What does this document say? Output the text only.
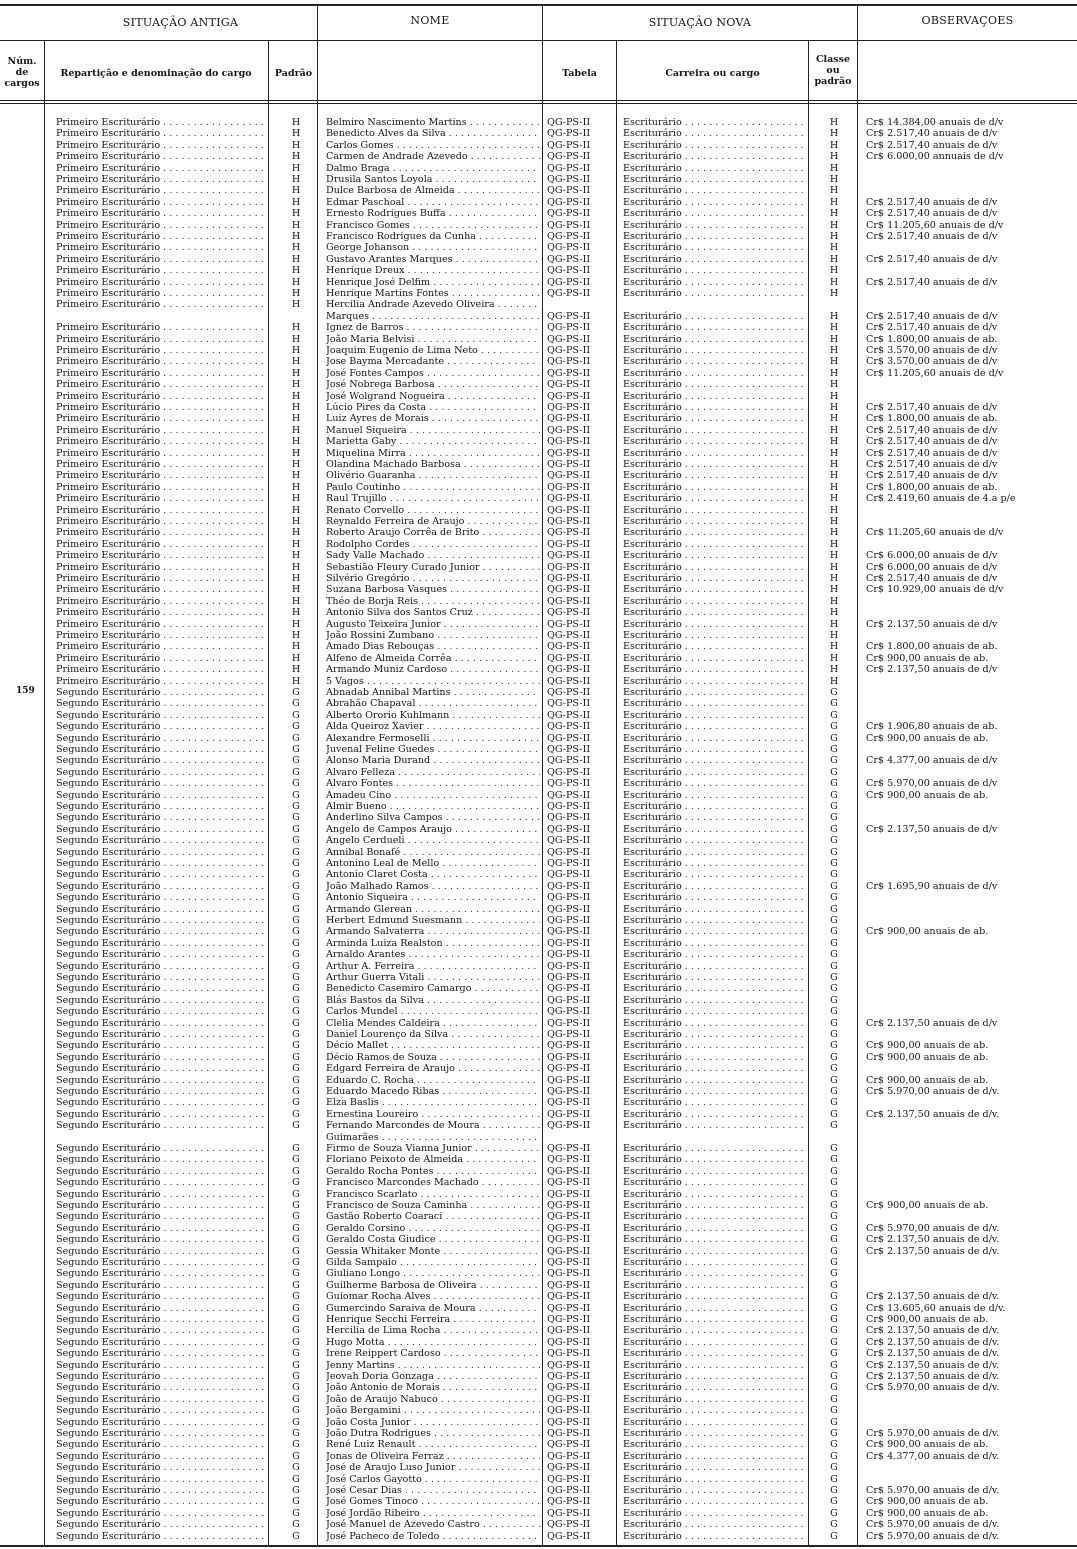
SITUAÇÃO ANTIGA	NOME	SITUAÇÃO NOVA	OBSERVAÇOES
Núm. de cargos
Repartição e denominação do cargo	Padrão	Tabela	Carreira ou cargo
Classe ou padrão
159
Primeiro Escriturário . . .	H	Belmiro Nascimento Martins . . .	QG-PS-II	Escriturário . . .	H	Cr$ 14.384,00 anuais de d/v
Primeiro Escriturário . . .	H	Benedicto Alves da Silva . . .	QG-PS-II	Escriturário . . .	H	Cr$ 2.517,40 anuais de d/v
Primeiro Escriturário . . .	H	Carlos Gomes . . .	QG-PS-II	Escriturário . . .	H	Cr$ 2.517,40 anuais de d/v
Primeiro Escriturário . . .	H	Carmen de Andrade Azevedo . . .	QG-PS-II	Escriturário . . .	H	Cr$ 6.000,00 annuais de d/v
Primeiro Escriturário . . .	H	Dalmo Braga . . .	QG-PS-II	Escriturário . . .	H
Primeiro Escriturário . . .	H	Drusila Santos Loyola . . .	QG-PS-II	Escriturário . . .	H
Primeiro Escriturário . . .	H	Dulce Barbosa de Almeida . . .	QG-PS-II	Escriturário . . .	H
Primeiro Escriturário . . .	H	Edmar Paschoal . . .	QG-PS-II	Escriturário . . .	H	Cr$ 2.517,40 anuais de d/v
Primeiro Escriturário . . .	H	Ernesto Rodrigues Buffa . . .	QG-PS-II	Escriturário . . .	H	Cr$ 2.517,40 anuais de d/v
Primeiro Escriturário . . .	H	Francisco Gomes . . .	QG-PS-II	Escriturário . . .	H	Cr$ 11.205,60 anuais de d/v
Primeiro Escriturário . . .	H	Francisco Rodrigues da Cunha . . .	QG-PS-II	Escriturário . . .	H	Cr$ 2.517,40 anuais de d/v
Primeiro Escriturário . . .	H	George Johanson . . .	QG-PS-II	Escriturário . . .	H
Primeiro Escriturário . . .	H	Gustavo Arantes Marques . . .	QG-PS-II	Escriturário . . .	H	Cr$ 2.517,40 anuais de d/v
Primeiro Escriturário . . .	H	Henrique Dreux . . .	QG-PS-II	Escriturário . . .	H
Primeiro Escriturário . . .	H	Henrique José Delfim . . .	QG-PS-II	Escriturário . . .	H	Cr$ 2.517,40 anuais de d/v
Primeiro Escriturário . . .	H	Henrique Martins Fontes . . .	QG-PS-II	Escriturário . . .	H
Primeiro Escriturário . . .	H	Hercilia Andrade Azevedo Oliveira . . .
Marques . . .	QG-PS-II	Escriturário . . .	H	Cr$ 2.517,40 anuais de d/v
Primeiro Escriturário . . .	H	Ignez de Barros . . .	QG-PS-II	Escriturário . . .	H	Cr$ 2.517,40 anuais de d/v
Primeiro Escriturário . . .	H	João Maria Belvisi . . .	QG-PS-II	Escriturário . . .	H	Cr$ 1.800,00 anuais de ab.
Primeiro Escriturário . . .	H	Joaquim Eugenio de Lima Neto . . .	QG-PS-II	Escriturário . . .	H	Cr$ 3.570,00 anuais de d/v
Primeiro Escriturário . . .	H	Jose Bayma Mercadante . . .	QG-PS-II	Escriturário . . .	H	Cr$ 3.570,00 anuais de d/v
Primeiro Escriturário . . .	H	José Fontes Campos . . .	QG-PS-II	Escriturário . . .	H	Cr$ 11.205,60 anuais de d/v
Primeiro Escriturário . . .	H	José Nobrega Barbosa . . .	QG-PS-II	Escriturário . . .	H
Primeiro Escriturário . . .	H	José Wolgrand Nogueira . . .	QG-PS-II	Escriturário . . .	H
Primeiro Escriturário . . .	H	Lúcio Pires da Costa . . .	QG-PS-II	Escriturário . . .	H	Cr$ 2.517,40 anuais de d/v
Primeiro Escriturário . . .	H	Luiz Ayres de Morais . . .	QG-PS-II	Escriturário . . .	H	Cr$ 1.800,00 anuais de ab.
Primeiro Escriturário . . .	H	Manuel Siqueira . . .	QG-PS-II	Escriturário . . .	H	Cr$ 2.517,40 anuais de d/v
Primeiro Escriturário . . .	H	Marietta Gaby . . .	QG-PS-II	Escriturário . . .	H	Cr$ 2.517,40 anuais de d/v
Primeiro Escriturário . . .	H	Miquelina Mirra . . .	QG-PS-II	Escriturário . . .	H	Cr$ 2.517,40 anuais de d/v
Primeiro Escriturário . . .	H	Olandina Machado Barbosa . . .	QG-PS-II	Escriturário . . .	H	Cr$ 2.517,40 anuais de d/v
Primeiro Escriturário . . .	H	Olivério Guaranha . . .	QG-PS-II	Escriturário . . .	H	Cr$ 2.517,40 anuais de d/v
Primeiro Escriturário . . .	H	Paulo Coutinho . . .	QG-PS-II	Escriturário . . .	H	Cr$ 1.800,00 anuais de ab.
Primeiro Escriturário . . .	H	Raul Trujillo . . .	QG-PS-II	Escriturário . . .	H	Cr$ 2.419,60 anuais de 4.a p/e
Primeiro Escriturário . . .	H	Renato Corvello . . .	QG-PS-II	Escriturário . . .	H
Primeiro Escriturário . . .	H	Reynaldo Ferreira de Araujo . . .	QG-PS-II	Escriturário . . .	H
Primeiro Escriturário . . .	H	Roberto Araujo Corrêa de Brito . . .	QG-PS-II	Escriturário . . .	H	Cr$ 11.205,60 anuais de d/v
Primeiro Escriturário . . .	H	Rodolpho Cordes . . .	QG-PS-II	Escriturário . . .	H
Primeiro Escriturário . . .	H	Sady Valle Machado . . .	QG-PS-II	Escriturário . . .	H	Cr$ 6.000,00 anuais de d/v
Primeiro Escriturário . . .	H	Sebastião Fleury Curado Junior . . .	QG-PS-II	Escriturário . . .	H	Cr$ 6.000,00 anuais de d/v
Primeiro Escriturário . . .	H	Silvério Gregório . . .	QG-PS-II	Escriturário . . .	H	Cr$ 2.517,40 anuais de d/v
Primeiro Escriturário . . .	H	Suzana Barbosa Vasques . . .	QG-PS-II	Escriturário . . .	H	Cr$ 10.929,00 anuais de d/v
Primeiro Escriturário . . .	H	Théo de Borja Reis . . .	QG-PS-II	Escriturário . . .	H
Primeiro Escriturário . . .	H	Antonio Silva dos Santos Cruz . . .	QG-PS-II	Escriturário . . .	H
Primeiro Escriturário . . .	H	Augusto Teixeira Junior . . .	QG-PS-II	Escriturário . . .	H	Cr$ 2.137,50 anuais de d/v
Primeiro Escriturário . . .	H	João Rossini Zumbano . . .	QG-PS-II	Escriturário . . .	H
Primeiro Escriturário . . .	H	Amado Dias Rebouças . . .	QG-PS-II	Escriturário . . .	H	Cr$ 1.800,00 anuais de ab.
Primeiro Escriturário . . .	H	Alfeno de Almeida Corrêa . . .	QG-PS-II	Escriturário . . .	H	Cr$ 900,00 anuais de ab.
Primeiro Escriturário . . .	H	Armando Muniz Cardoso . . .	QG-PS-II	Escriturário . . .	H	Cr$ 2.137,50 anuais de d/v
Primeiro Escriturário . . .	H	5 Vagos . . .	QG-PS-II	Escriturário . . .	H
Segundo Escriturário . . .	G	Abnadab Annibal Martins . . .	QG-PS-II	Escriturário . . .	G
Segundo Escriturário . . .	G	Abrahão Chapaval . . .	QG-PS-II	Escriturário . . .	G
Segundo Escriturário . . .	G	Alberto Ororio Kuhlmann . . .	QG-PS-II	Escriturário . . .	G
Segundo Escriturário . . .	G	Alda Queiroz Xavier . . .	QG-PS-II	Escriturário . . .	G	Cr$ 1.906,80 anuais de ab.
Segundo Escriturário . . .	G	Alexandre Fermoselli . . .	QG-PS-II	Escriturário . . .	G	Cr$ 900,00 anuais de ab.
Segundo Escriturário . . .	G	Juvenal Feline Guedes . . .	QG-PS-II	Escriturário . . .	G
Segundo Escriturário . . .	G	Alonso Maria Durand . . .	QG-PS-II	Escriturário . . .	G	Cr$ 4.377,00 anuais de d/v
Segundo Escriturário . . .	G	Alvaro Felleza . . .	QG-PS-II	Escriturário . . .	G
Segundo Escriturário . . .	G	Alvaro Fontes . . .	QG-PS-II	Escriturário . . .	G	Cr$ 5.970,00 anuais de d/v
Segundo Escriturário . . .	G	Amadeu Cino . . .	QG-PS-II	Escriturário . . .	G	Cr$ 900,00 anuais de ab.
Segundo Escriturário . . .	G	Almir Bueno . . .	QG-PS-II	Escriturário . . .	G
Segundo Escriturário . . .	G	Anderlino Silva Campos . . .	QG-PS-II	Escriturário . . .	G
Segundo Escriturário . . .	G	Angelo de Campos Araujo . . .	QG-PS-II	Escriturário . . .	G	Cr$ 2.137,50 anuais de d/v
Segundo Escriturário . . .	G	Angelo Cerdueli . . .	QG-PS-II	Escriturário . . .	G
Segundo Escriturário . . .	G	Annibal Bonafé . . .	QG-PS-II	Escriturário . . .	G
Segundo Escriturário . . .	G	Antonino Leal de Mello . . .	QG-PS-II	Escriturário . . .	G
Segundo Escriturário . . .	G	Antonio Claret Costa . . .	QG-PS-II	Escriturário . . .	G
Segundo Escriturário . . .	G	João Malhado Ramos . . .	QG-PS-II	Escriturário . . .	G	Cr$ 1.695,90 anuais de d/v
Segundo Escriturário . . .	G	Antonio Siqueira . . .	QG-PS-II	Escriturário . . .	G
Segundo Escriturário . . .	G	Armando Glerean . . .	QG-PS-II	Escriturário . . .	G
Segundo Escriturário . . .	G	Herbert Edmund Suesmann . . .	QG-PS-II	Escriturário . . .	G
Segundo Escriturário . . .	G	Armando Salvaterra . . .	QG-PS-II	Escriturário . . .	G	Cr$ 900,00 anuais de ab.
Segundo Escriturário . . .	G	Arminda Luiza Realston . . .	QG-PS-II	Escriturário . . .	G
Segundo Escriturário . . .	G	Arnaldo Arantes . . .	QG-PS-II	Escriturário . . .	G
Segundo Escriturário . . .	G	Arthur A. Ferreira . . .	QG-PS-II	Escriturário . . .	G
Segundo Escriturário . . .	G	Arthur Guerra Vitali . . .	QG-PS-II	Escriturário . . .	G
Segundo Escriturário . . .	G	Benedicto Casemiro Camargo . . .	QG-PS-II	Escriturário . . .	G
Segundo Escriturário . . .	G	Blás Bastos da Silva . . .	QG-PS-II	Escriturário . . .	G
Segundo Escriturário . . .	G	Carlos Mundel . . .	QG-PS-II	Escriturário . . .	G
Segundo Escriturário . . .	G	Clelia Mendes Caldeira . . .	QG-PS-II	Escriturário . . .	G	Cr$ 2.137,50 anuais de d/v
Segundo Escriturário . . .	G	Daniel Lourenço da Silva . . .	QG-PS-II	Escriturário . . .	G
Segundo Escriturário . . .	G	Décio Mallet . . .	QG-PS-II	Escriturário . . .	G	Cr$ 900,00 anuais de ab.
Segundo Escriturário . . .	G	Décio Ramos de Souza . . .	QG-PS-II	Escriturário . . .	G	Cr$ 900,00 anuais de ab.
Segundo Escriturário . . .	G	Edgard Ferreira de Araujo . . .	QG-PS-II	Escriturário . . .	G
Segundo Escriturário . . .	G	Eduardo C. Rocha . . .	QG-PS-II	Escriturário . . .	G	Cr$ 900,00 anuais de ab.
Segundo Escriturário . . .	G	Eduardo Macedo Ribas . . .	QG-PS-II	Escriturário . . .	G	Cr$ 5.970,00 anuais de d/v.
Segundo Escriturário . . .	G	Elza Baslis . . .	QG-PS-II	Escriturário . . .	G
Segundo Escriturário . . .	G	Ernestina Loureiro . . .	QG-PS-II	Escriturário . . .	G	Cr$ 2.137,50 anuais de d/v.
Segundo Escriturário . . .	G	Fernando Marcondes de Moura . . .	QG-PS-II	Escriturário . . .	G
Guimarães . . .
Segundo Escriturário . . .	G	Firmo de Souza Vianna Junior . . .	QG-PS-II	Escriturário . . .	G
Segundo Escriturário . . .	G	Floriano Peixoto de Almeida . . .	QG-PS-II	Escriturário . . .	G
Segundo Escriturário . . .	G	Geraldo Rocha Pontes . . .	QG-PS-II	Escriturário . . .	G
Segundo Escriturário . . .	G	Francisco Marcondes Machado . . .	QG-PS-II	Escriturário . . .	G
Segundo Escriturário . . .	G	Francisco Scarlato . . .	QG-PS-II	Escriturário . . .	G
Segundo Escriturário . . .	G	Francisco de Souza Caminha . . .	QG-PS-II	Escriturário . . .	G	Cr$ 900,00 anuais de ab.
Segundo Escriturário . . .	G	Gastão Roberto Coaraci . . .	QG-PS-II	Escriturário . . .	G
Segundo Escriturário . . .	G	Geraldo Corsino . . .	QG-PS-II	Escriturário . . .	G	Cr$ 5.970,00 anuais de d/v.
Segundo Escriturário . . .	G	Geraldo Costa Giudice . . .	QG-PS-II	Escriturário . . .	G	Cr$ 2.137,50 anuais de d/v.
Segundo Escriturário . . .	G	Gessia Whitaker Monte . . .	QG-PS-II	Escriturário . . .	G	Cr$ 2.137,50 anuais de d/v.
Segundo Escriturário . . .	G	Gilda Sampaio . . .	QG-PS-II	Escriturário . . .	G
Segundo Escriturário . . .	G	Giuliano Longo . . .	QG-PS-II	Escriturário . . .	G
Segundo Escriturário . . .	G	Guilherme Barbosa de Oliveira . . .	QG-PS-II	Escriturário . . .	G
Segundo Escriturário . . .	G	Guiomar Rocha Alves . . .	QG-PS-II	Escriturário . . .	G	Cr$ 2.137,50 anuais de d/v.
Segundo Escriturário . . .	G	Gumercindo Saraiva de Moura . . .	QG-PS-II	Escriturário . . .	G	Cr$ 13.605,60 anuais de d/v.
Segundo Escriturário . . .	G	Henrique Secchi Ferreira . . .	QG-PS-II	Escriturário . . .	G	Cr$ 900,00 anuais de ab.
Segundo Escriturário . . .	G	Hercilia de Lima Rocha . . .	QG-PS-II	Escriturário . . .	G	Cr$ 2.137,50 anuais de d/v.
Segundo Escriturário . . .	G	Hugo Motta . . .	QG-PS-II	Escriturário . . .	G	Cr$ 2.137,50 anuais de d/v.
Segundo Escriturário . . .	G	Irene Reippert Cardoso . . .	QG-PS-II	Escriturário . . .	G	Cr$ 2.137,50 anuais de d/v.
Segundo Escriturário . . .	G	Jenny Martins . . .	QG-PS-II	Escriturário . . .	G	Cr$ 2.137,50 anuais de d/v.
Segundo Escriturário . . .	G	Jeovah Doria Gonzaga . . .	QG-PS-II	Escriturário . . .	G	Cr$ 2.137,50 anuais de d/v.
Segundo Escriturário . . .	G	João Antonio de Morais . . .	QG-PS-II	Escriturário . . .	G	Cr$ 5.970,00 anuais de d/v.
Segundo Escriturário . . .	G	João de Araujo Nabuco . . .	QG-PS-II	Escriturário . . .	G
Segundo Escriturário . . .	G	João Bergamini . . .	QG-PS-II	Escriturário . . .	G
Segundo Escriturário . . .	G	João Costa Junior . . .	QG-PS-II	Escriturário . . .	G
Segundo Escriturário . . .	G	João Dutra Rodrigues . . .	QG-PS-II	Escriturário . . .	G	Cr$ 5.970,00 anuais de d/v.
Segundo Escriturário . . .	G	René Luiz Renault . . .	QG-PS-II	Escriturário . . .	G	Cr$ 900,00 anuais de ab.
Segundo Escriturário . . .	G	Jonas de Oliveira Ferraz . . .	QG-PS-II	Escriturário . . .	G	Cr$ 4.377,00 anuais de d/v.
Segundo Escriturário . . .	G	José de Araujo Luso Junior . . .	QG-PS-II	Escriturário . . .	G
Segundo Escriturário . . .	G	José Carlos Gayotto . . .	QG-PS-II	Escriturário . . .	G
Segundo Escriturário . . .	G	José Cesar Dias . . .	QG-PS-II	Escriturário . . .	G	Cr$ 5.970,00 anuais de d/v.
Segundo Escriturário . . .	G	José Gomes Tinoco . . .	QG-PS-II	Escriturário . . .	G	Cr$ 900,00 anuais de ab.
Segundo Escriturário . . .	G	José Jordão Ribeiro . . .	QG-PS-II	Escriturário . . .	G	Cr$ 900,00 anuais de ab.
Segundo Escriturário . . .	G	José Manuel de Azevedo Castro . . .	QG-PS-II	Escriturário . . .	G	Cr$ 5.970,00 anuais de d/v.
Segundo Escriturário . . .	G	José Pacheco de Toledo . . .	QG-PS-II	Escriturário . . .	G	Cr$ 5.970,00 anuais de d/v.
